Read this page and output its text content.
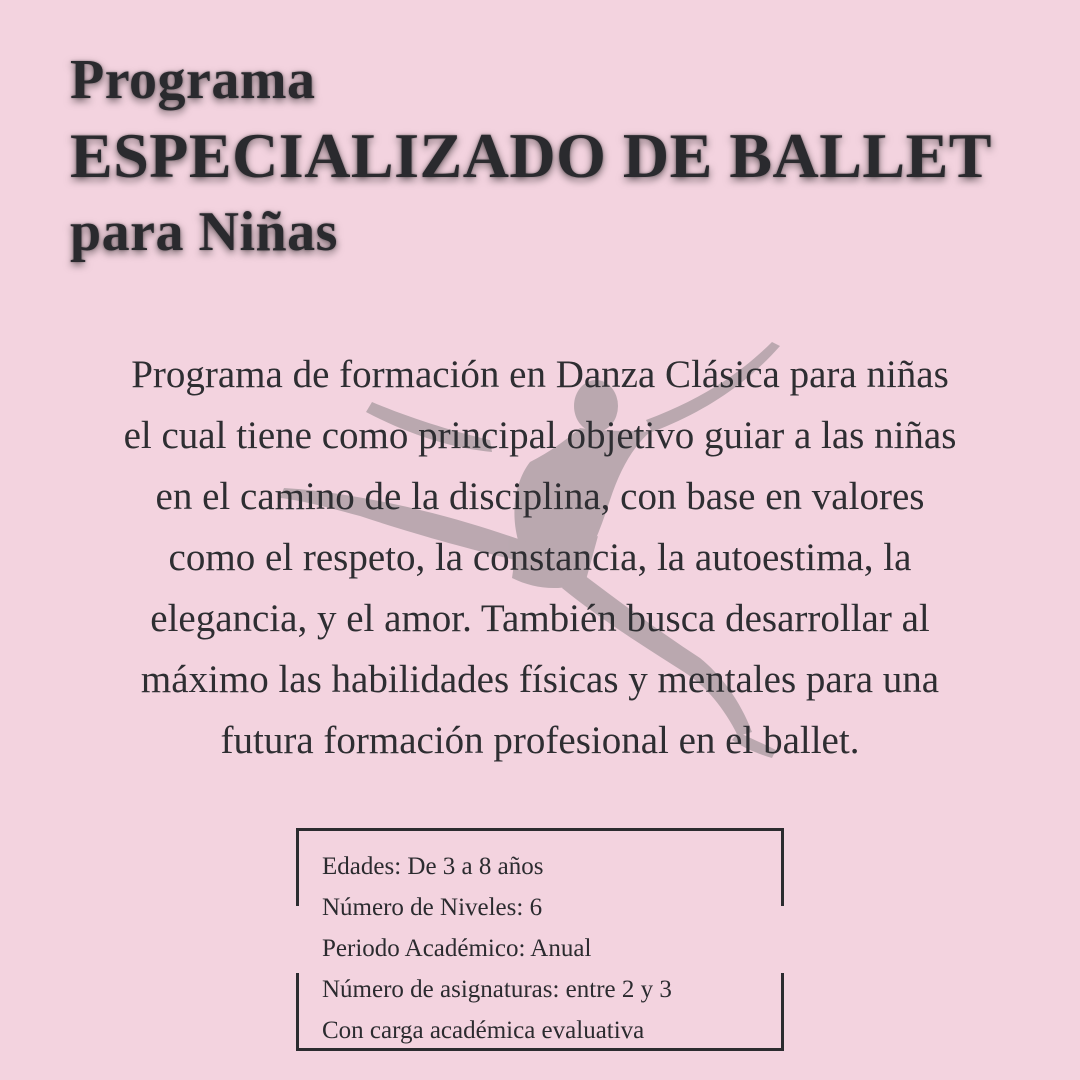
Programa
ESPECIALIZADO DE BALLET
para Niñas
Programa de formación en Danza Clásica para niñas
el cual tiene como principal objetivo guiar a las niñas
en el camino de la disciplina, con base en valores
como el respeto, la constancia, la autoestima, la
elegancia, y el amor. También busca desarrollar al
máximo las habilidades físicas y mentales para una
futura formación profesional en el ballet.
Edades: De 3 a 8 años
Número de Niveles: 6
Periodo Académico: Anual
Número de asignaturas: entre 2 y 3
Con carga académica evaluativa
